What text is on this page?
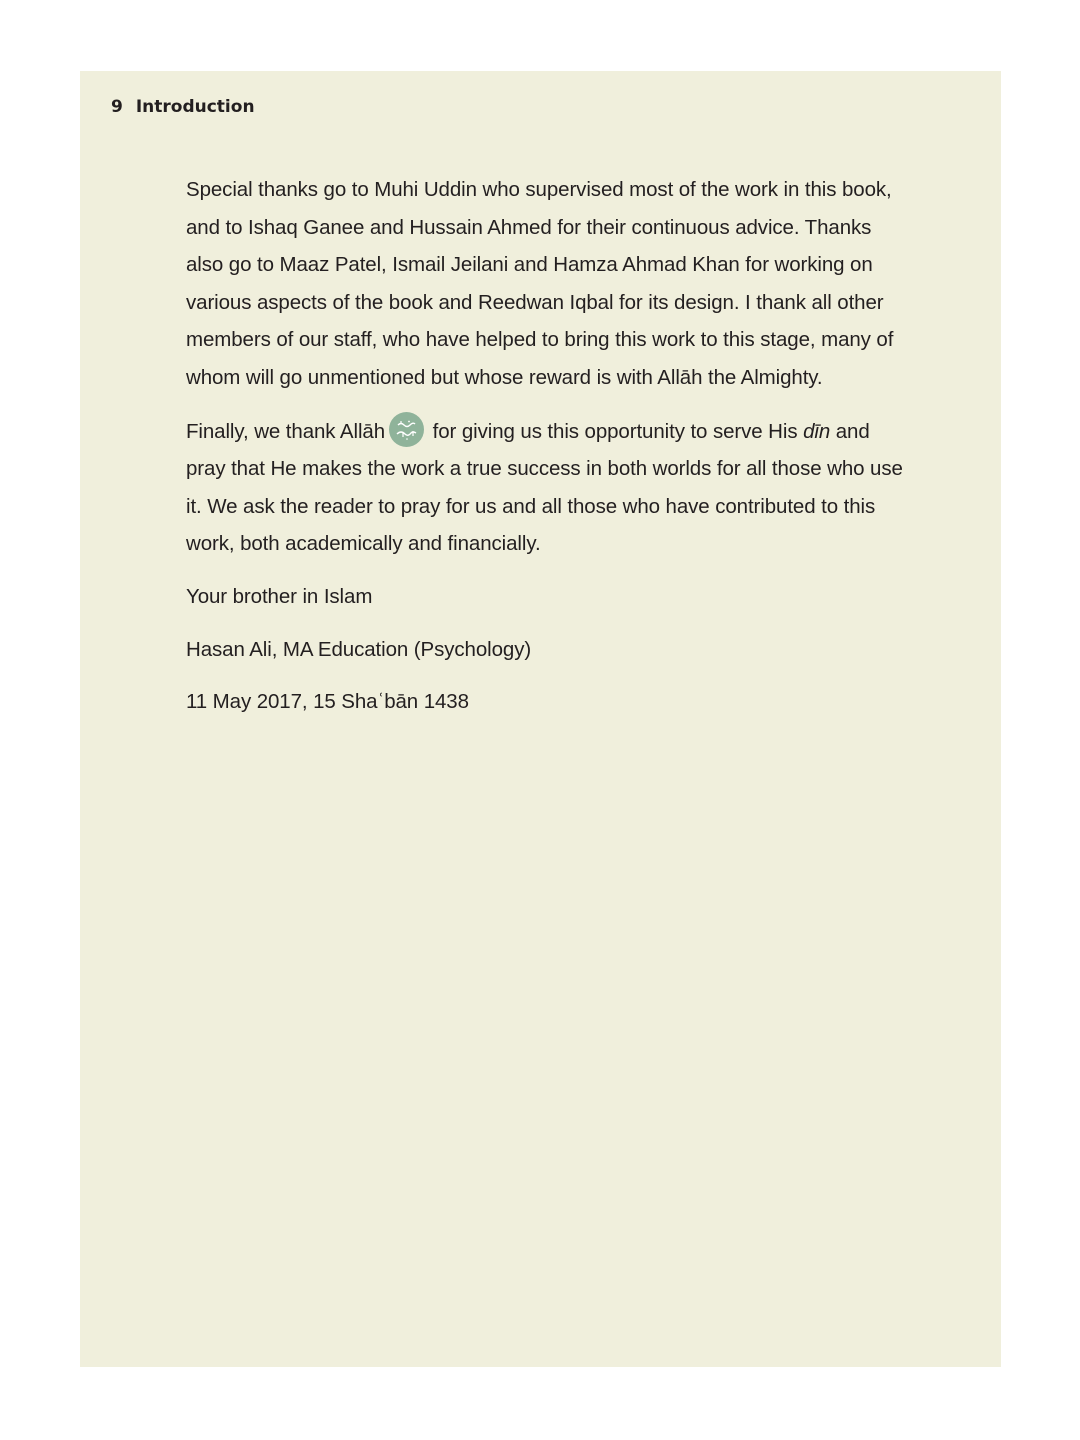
9 Introduction

Special thanks go to Muhi Uddin who supervised most of the work in this book, and to Ishaq Ganee and Hussain Ahmed for their continuous advice. Thanks also go to Maaz Patel, Ismail Jeilani and Hamza Ahmad Khan for working on various aspects of the book and Reedwan Iqbal for its design. I thank all other members of our staff, who have helped to bring this work to this stage, many of whom will go unmentioned but whose reward is with Allāh the Almighty.

Finally, we thank Allāh
for giving us this opportunity to serve His dīn and pray that He makes the work a true success in both worlds for all those who use it. We ask the reader to pray for us and all those who have contributed to this work, both academically and financially.

Your brother in Islam

Hasan Ali, MA Education (Psychology)

11 May 2017, 15 Shaʿbān 1438
